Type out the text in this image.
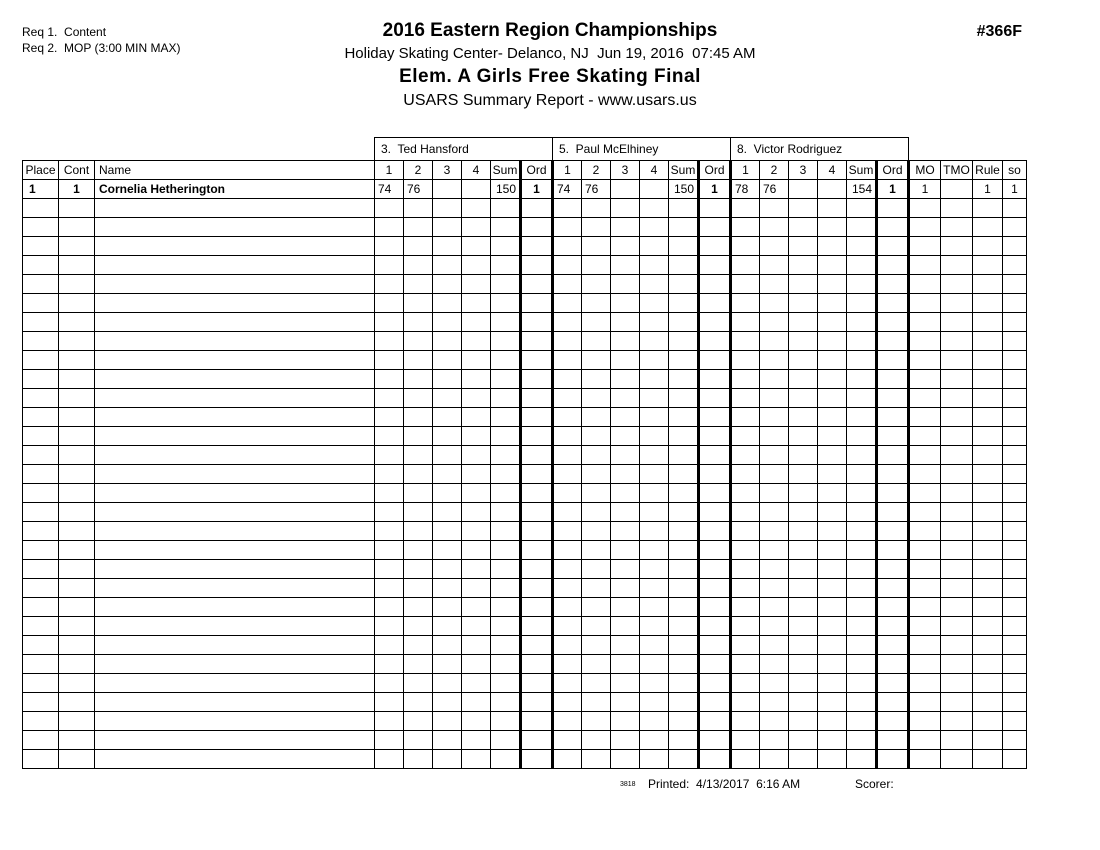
Req 1.  Content
Req 2.  MOP (3:00 MIN MAX)
2016 Eastern Region Championships
Holiday Skating Center- Delanco, NJ  Jun 19, 2016  07:45 AM
Elem. A Girls Free Skating Final
USARS Summary Report - www.usars.us
#366F
3.  Ted Hansford	5.  Paul McElhiney	8.  Victor Rodriguez
Place	Cont	Name	1	2	3	4	Sum	Ord	1	2	3	4	Sum	Ord	1	2	3	4	Sum	Ord	MO	TMO	Rule	so
1	1	Cornelia Hetherington	74	76			150	1	74	76			150	1	78	76			154	1	1		1	1

3818 Printed:  4/13/2017  6:16 AM	Scorer:
